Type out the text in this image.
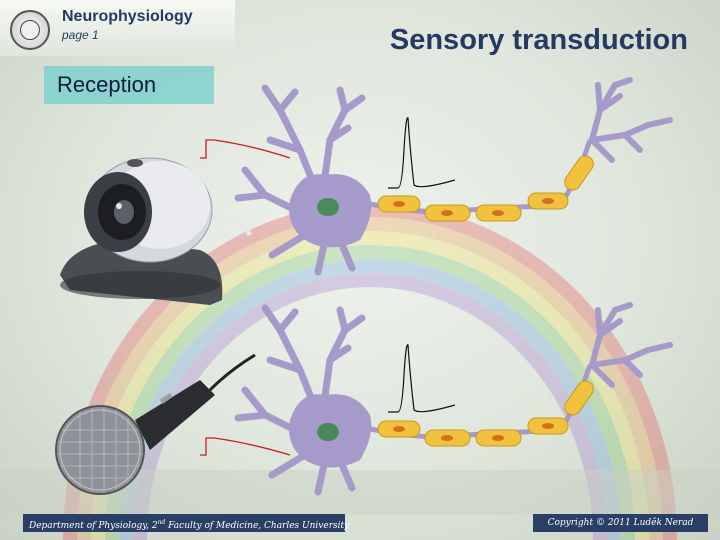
Neurophysiology
page 1	Sensory transduction
Reception
Department of Physiology, 2nd Faculty of Medicine, Charles University	Copyright © 2011 Luděk Nerad
